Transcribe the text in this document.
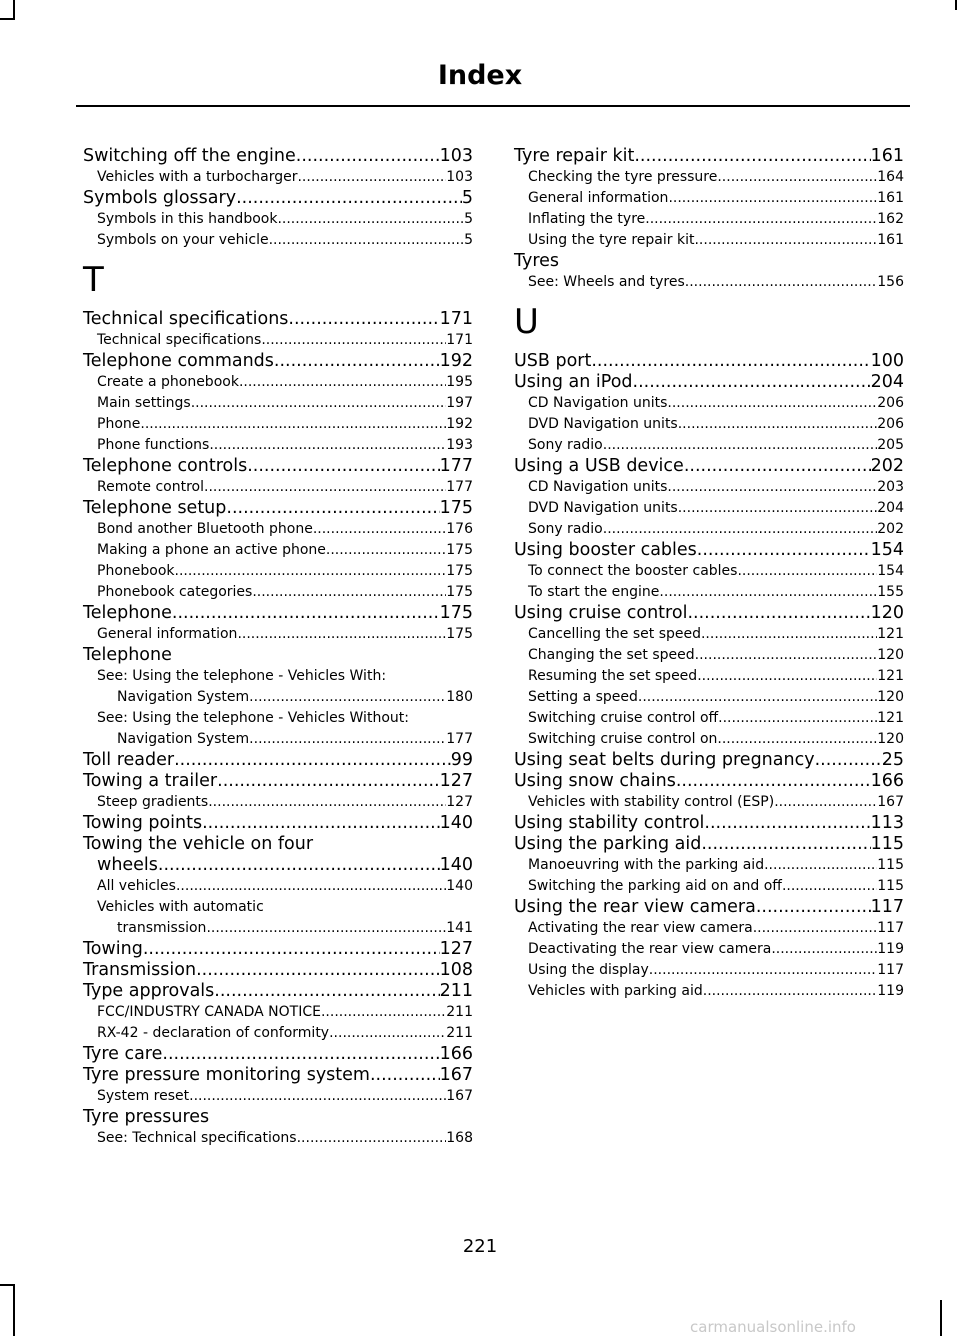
Index
Switching off the engine .....	103
Vehicles with a turbocharger .....	103
Symbols glossary .....	5
Symbols in this handbook .....	5
Symbols on your vehicle .....	5
T
Technical specifications .....	171
Technical specifications .....	171
Telephone commands .....	192
Create a phonebook .....	195
Main settings .....	197
Phone .....	192
Phone functions .....	193
Telephone controls .....	177
Remote control .....	177
Telephone setup .....	175
Bond another Bluetooth phone .....	176
Making a phone an active phone .....	175
Phonebook .....	175
Phonebook categories .....	175
Telephone .....	175
General information .....	175
Telephone
See: Using the telephone - Vehicles With:
Navigation System .....	180
See: Using the telephone - Vehicles Without:
Navigation System .....	177
Toll reader .....	99
Towing a trailer .....	127
Steep gradients .....	127
Towing points .....	140
Towing the vehicle on four
wheels .....	140
All vehicles .....	140
Vehicles with automatic
transmission .....	141
Towing .....	127
Transmission .....	108
Type approvals .....	211
FCC/INDUSTRY CANADA NOTICE .....	211
RX-42 - declaration of conformity .....	211
Tyre care .....	166
Tyre pressure monitoring system .....	167
System reset .....	167
Tyre pressures
See: Technical specifications .....	168
Tyre repair kit .....	161
Checking the tyre pressure .....	164
General information .....	161
Inflating the tyre .....	162
Using the tyre repair kit .....	161
Tyres
See: Wheels and tyres .....	156
U
USB port .....	100
Using an iPod .....	204
CD Navigation units .....	206
DVD Navigation units .....	206
Sony radio .....	205
Using a USB device .....	202
CD Navigation units .....	203
DVD Navigation units .....	204
Sony radio .....	202
Using booster cables .....	154
To connect the booster cables .....	154
To start the engine .....	155
Using cruise control .....	120
Cancelling the set speed .....	121
Changing the set speed .....	120
Resuming the set speed .....	121
Setting a speed .....	120
Switching cruise control off .....	121
Switching cruise control on .....	120
Using seat belts during pregnancy .....	25
Using snow chains .....	166
Vehicles with stability control (ESP) .....	167
Using stability control .....	113
Using the parking aid .....	115
Manoeuvring with the parking aid .....	115
Switching the parking aid on and off .....	115
Using the rear view camera .....	117
Activating the rear view camera .....	117
Deactivating the rear view camera .....	119
Using the display .....	117
Vehicles with parking aid .....	119
221
carmanualsonline.info
